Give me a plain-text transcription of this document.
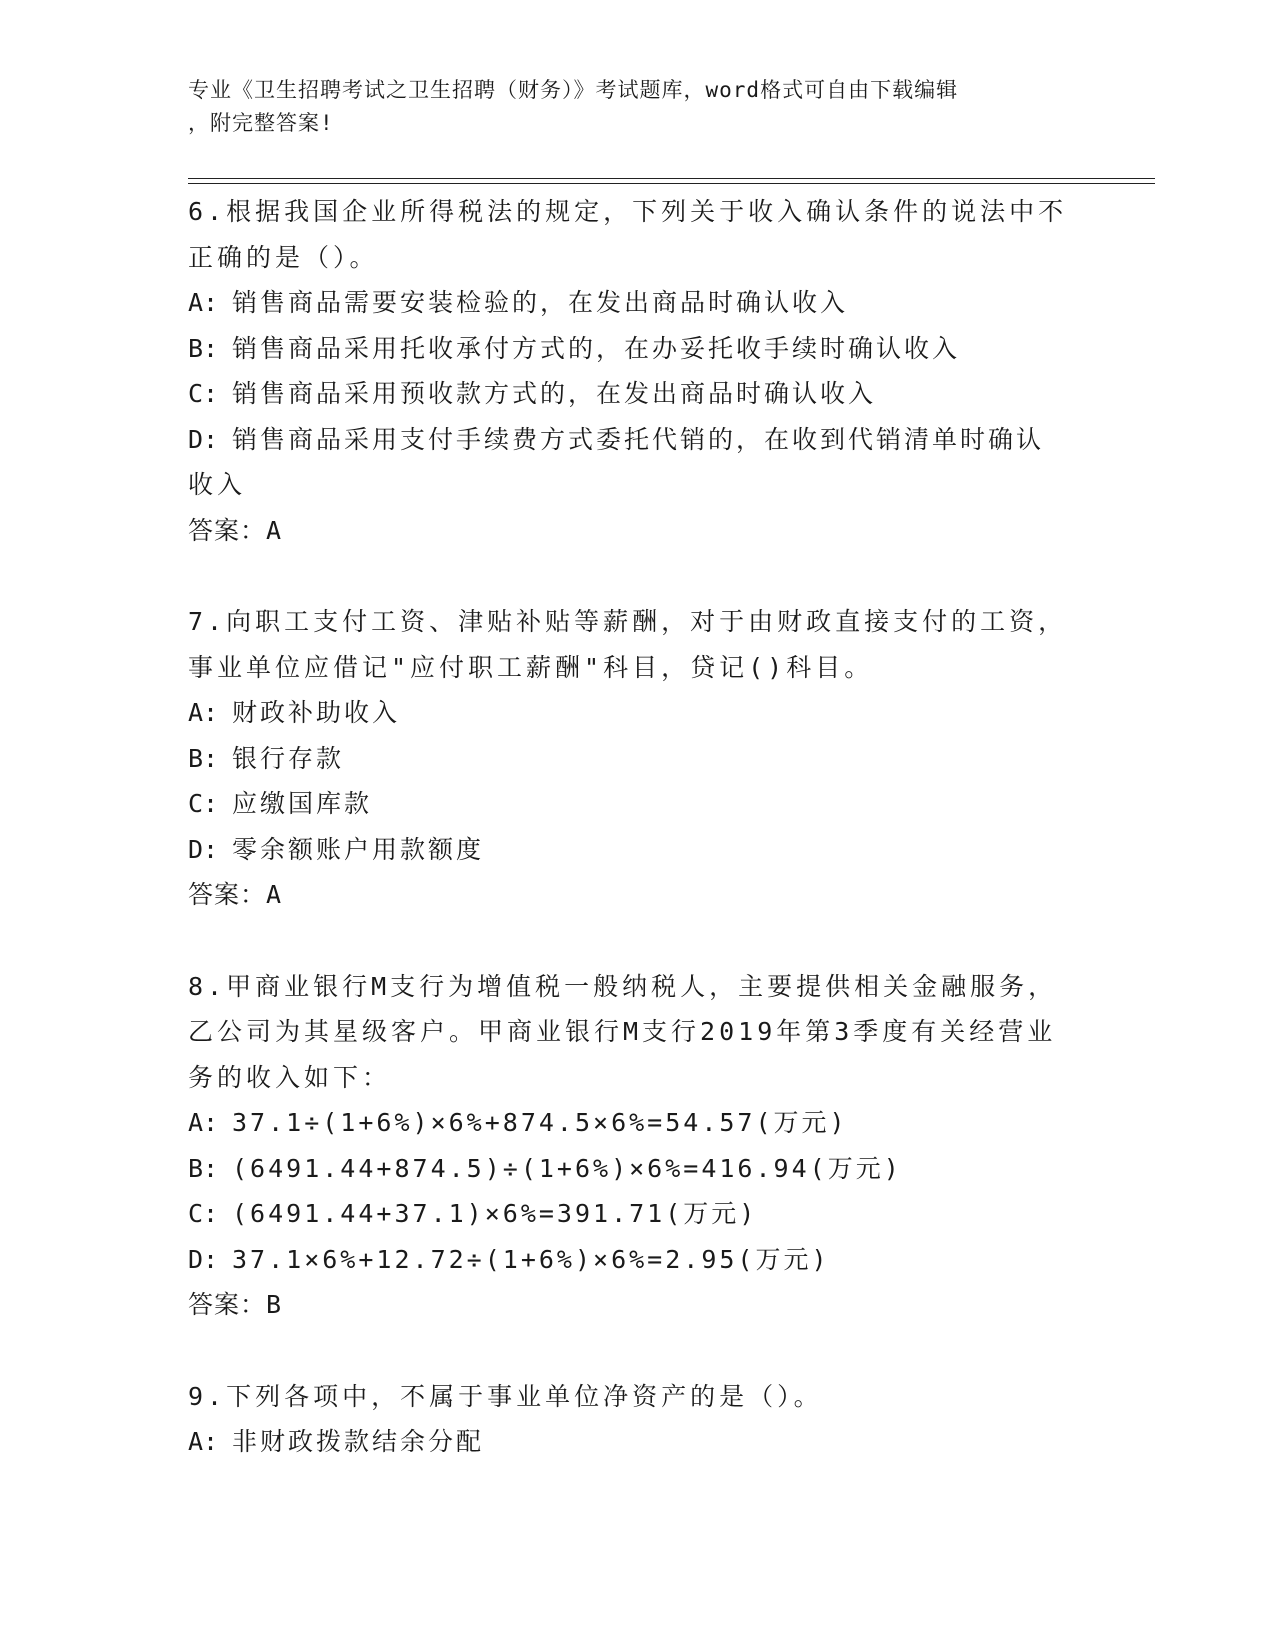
专业《卫生招聘考试之卫生招聘（财务）》考试题库，word格式可自由下载编辑
，附完整答案!
6.根据我国企业所得税法的规定，下列关于收入确认条件的说法中不
正确的是（）。
A: 销售商品需要安装检验的，在发出商品时确认收入
B: 销售商品采用托收承付方式的，在办妥托收手续时确认收入
C: 销售商品采用预收款方式的，在发出商品时确认收入
D: 销售商品采用支付手续费方式委托代销的，在收到代销清单时确认
收入
答案：A
7.向职工支付工资、津贴补贴等薪酬，对于由财政直接支付的工资，
事业单位应借记"应付职工薪酬"科目，贷记()科目。
A: 财政补助收入
B: 银行存款
C: 应缴国库款
D: 零余额账户用款额度
答案：A
8.甲商业银行M支行为增值税一般纳税人，主要提供相关金融服务，
乙公司为其星级客户。甲商业银行M支行2019年第3季度有关经营业
务的收入如下：
A: 37.1÷(1+6%)×6%+874.5×6%=54.57(万元)
B: (6491.44+874.5)÷(1+6%)×6%=416.94(万元)
C: (6491.44+37.1)×6%=391.71(万元)
D: 37.1×6%+12.72÷(1+6%)×6%=2.95(万元)
答案：B
9.下列各项中，不属于事业单位净资产的是（）。
A: 非财政拨款结余分配
